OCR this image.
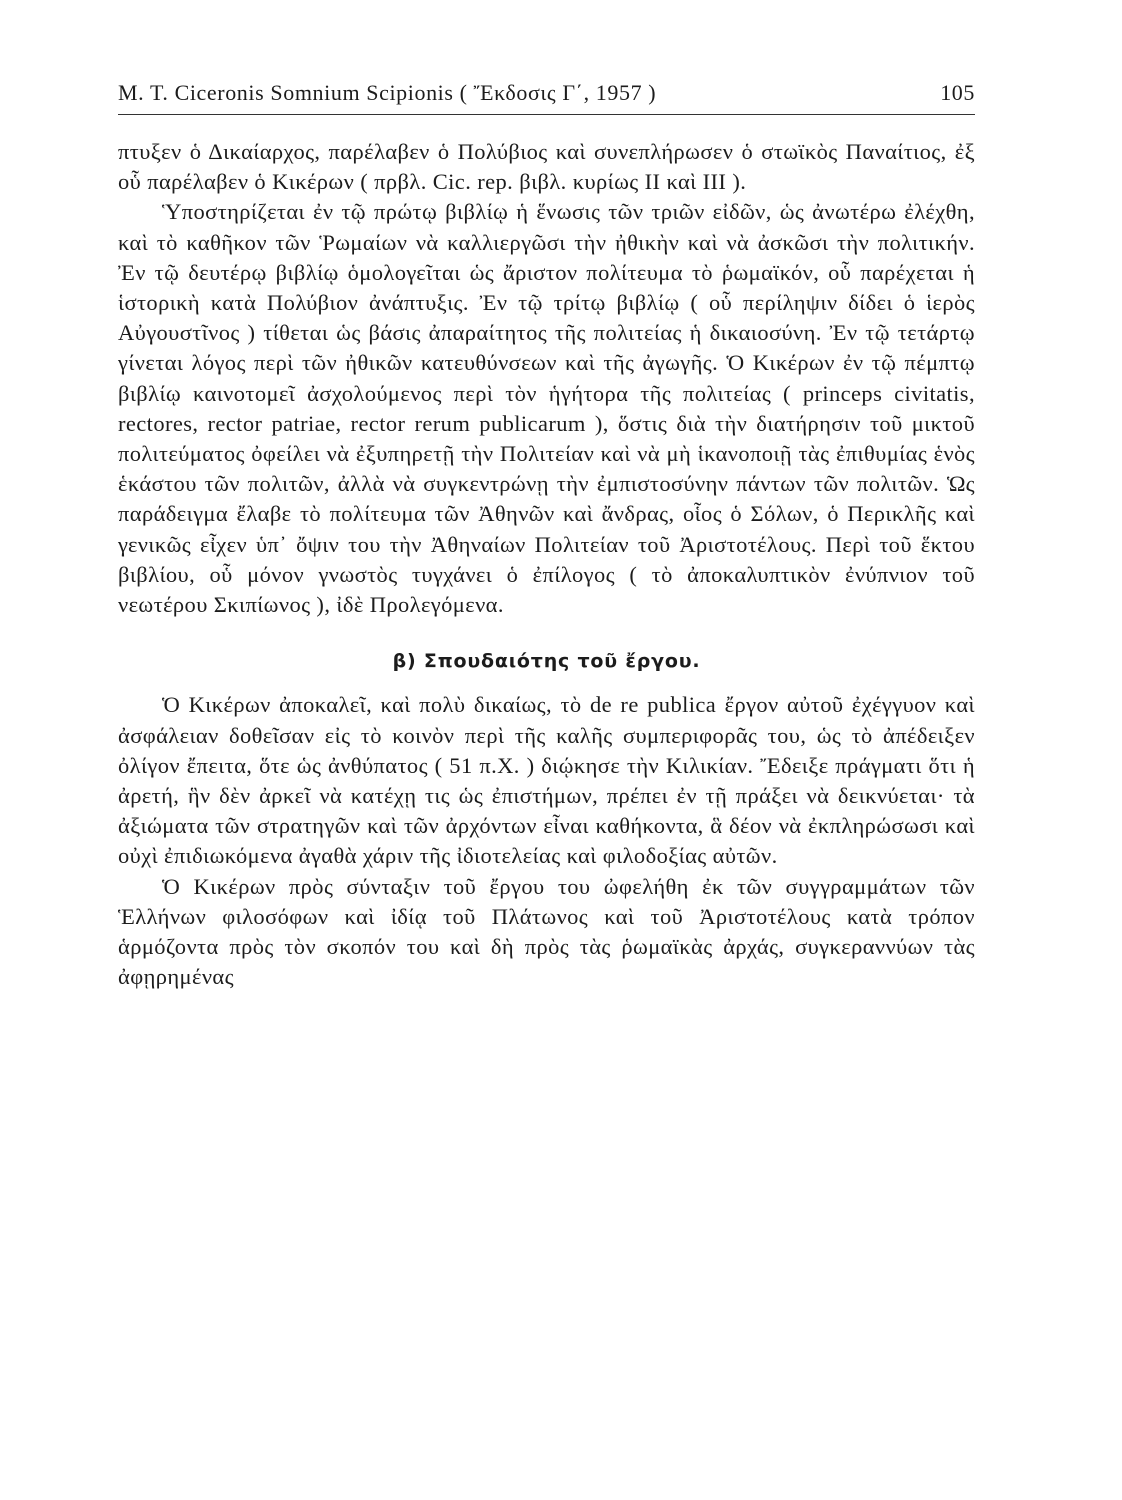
M. T. Ciceronis Somnium Scipionis ( Ἔκδοσις Γ΄, 1957 )	105

πτυξεν ὁ Δικαίαρχος, παρέλαβεν ὁ Πολύβιος καὶ συνεπλήρωσεν ὁ στωϊκὸς Παναίτιος, ἐξ οὗ παρέλαβεν ὁ Κικέρων ( πρβλ. Cic. rep. βιβλ. κυρίως II καὶ III ).

Ὑποστηρίζεται ἐν τῷ πρώτῳ βιβλίῳ ἡ ἕνωσις τῶν τριῶν εἰδῶν, ὡς ἀνωτέρω ἐλέχθη, καὶ τὸ καθῆκον τῶν Ῥωμαίων νὰ καλλιεργῶσι τὴν ἠθικὴν καὶ νὰ ἀσκῶσι τὴν πολιτικήν. Ἐν τῷ δευτέρῳ βιβλίῳ ὁμολογεῖται ὡς ἄριστον πολίτευμα τὸ ῥωμαϊκόν, οὗ παρέχεται ἡ ἱστορικὴ κατὰ Πολύβιον ἀνάπτυξις. Ἐν τῷ τρίτῳ βιβλίῳ ( οὗ περίληψιν δίδει ὁ ἱερὸς Αὐγουστῖνος ) τίθεται ὡς βάσις ἀπαραίτητος τῆς πολιτείας ἡ δικαιοσύνη. Ἐν τῷ τετάρτῳ γίνεται λόγος περὶ τῶν ἠθικῶν κατευθύνσεων καὶ τῆς ἀγωγῆς. Ὁ Κικέρων ἐν τῷ πέμπτῳ βιβλίῳ καινοτομεῖ ἀσχολούμενος περὶ τὸν ἡγήτορα τῆς πολιτείας ( princeps civitatis, rectores, rector patriae, rector rerum publicarum ), ὅστις διὰ τὴν διατήρησιν τοῦ μικτοῦ πολιτεύματος ὀφείλει νὰ ἐξυπηρετῇ τὴν Πολιτείαν καὶ νὰ μὴ ἱκανοποιῇ τὰς ἐπιθυμίας ἑνὸς ἑκάστου τῶν πολιτῶν, ἀλλὰ νὰ συγκεντρώνῃ τὴν ἐμπιστοσύνην πάντων τῶν πολιτῶν. Ὡς παράδειγμα ἔλαβε τὸ πολίτευμα τῶν Ἀθηνῶν καὶ ἄνδρας, οἷος ὁ Σόλων, ὁ Περικλῆς καὶ γενικῶς εἶχεν ὑπ᾽ ὄψιν του τὴν Ἀθηναίων Πολιτείαν τοῦ Ἀριστοτέλους. Περὶ τοῦ ἕκτου βιβλίου, οὗ μόνον γνωστὸς τυγχάνει ὁ ἐπίλογος ( τὸ ἀποκαλυπτικὸν ἐνύπνιον τοῦ νεωτέρου Σκιπίωνος ), ἰδὲ Προλεγόμενα.

β) Σπουδαιότης τοῦ ἔργου.

Ὁ Κικέρων ἀποκαλεῖ, καὶ πολὺ δικαίως, τὸ de re publica ἔργον αὐτοῦ ἐχέγγυον καὶ ἀσφάλειαν δοθεῖσαν εἰς τὸ κοινὸν περὶ τῆς καλῆς συμπεριφορᾶς του, ὡς τὸ ἀπέδειξεν ὀλίγον ἔπειτα, ὅτε ὡς ἀνθύπατος ( 51 π.Χ. ) διῴκησε τὴν Κιλικίαν. Ἔδειξε πράγματι ὅτι ἡ ἀρετή, ἣν δὲν ἀρκεῖ νὰ κατέχῃ τις ὡς ἐπιστήμων, πρέπει ἐν τῇ πράξει νὰ δεικνύεται· τὰ ἀξιώματα τῶν στρατηγῶν καὶ τῶν ἀρχόντων εἶναι καθήκοντα, ἃ δέον νὰ ἐκπληρώσωσι καὶ οὐχὶ ἐπιδιωκόμενα ἀγαθὰ χάριν τῆς ἰδιοτελείας καὶ φιλοδοξίας αὐτῶν.

Ὁ Κικέρων πρὸς σύνταξιν τοῦ ἔργου του ὠφελήθη ἐκ τῶν συγγραμμάτων τῶν Ἑλλήνων φιλοσόφων καὶ ἰδίᾳ τοῦ Πλάτωνος καὶ τοῦ Ἀριστοτέλους κατὰ τρόπον ἁρμόζοντα πρὸς τὸν σκοπόν του καὶ δὴ πρὸς τὰς ῥωμαϊκὰς ἀρχάς, συγκεραννύων τὰς ἀφῃρημένας
